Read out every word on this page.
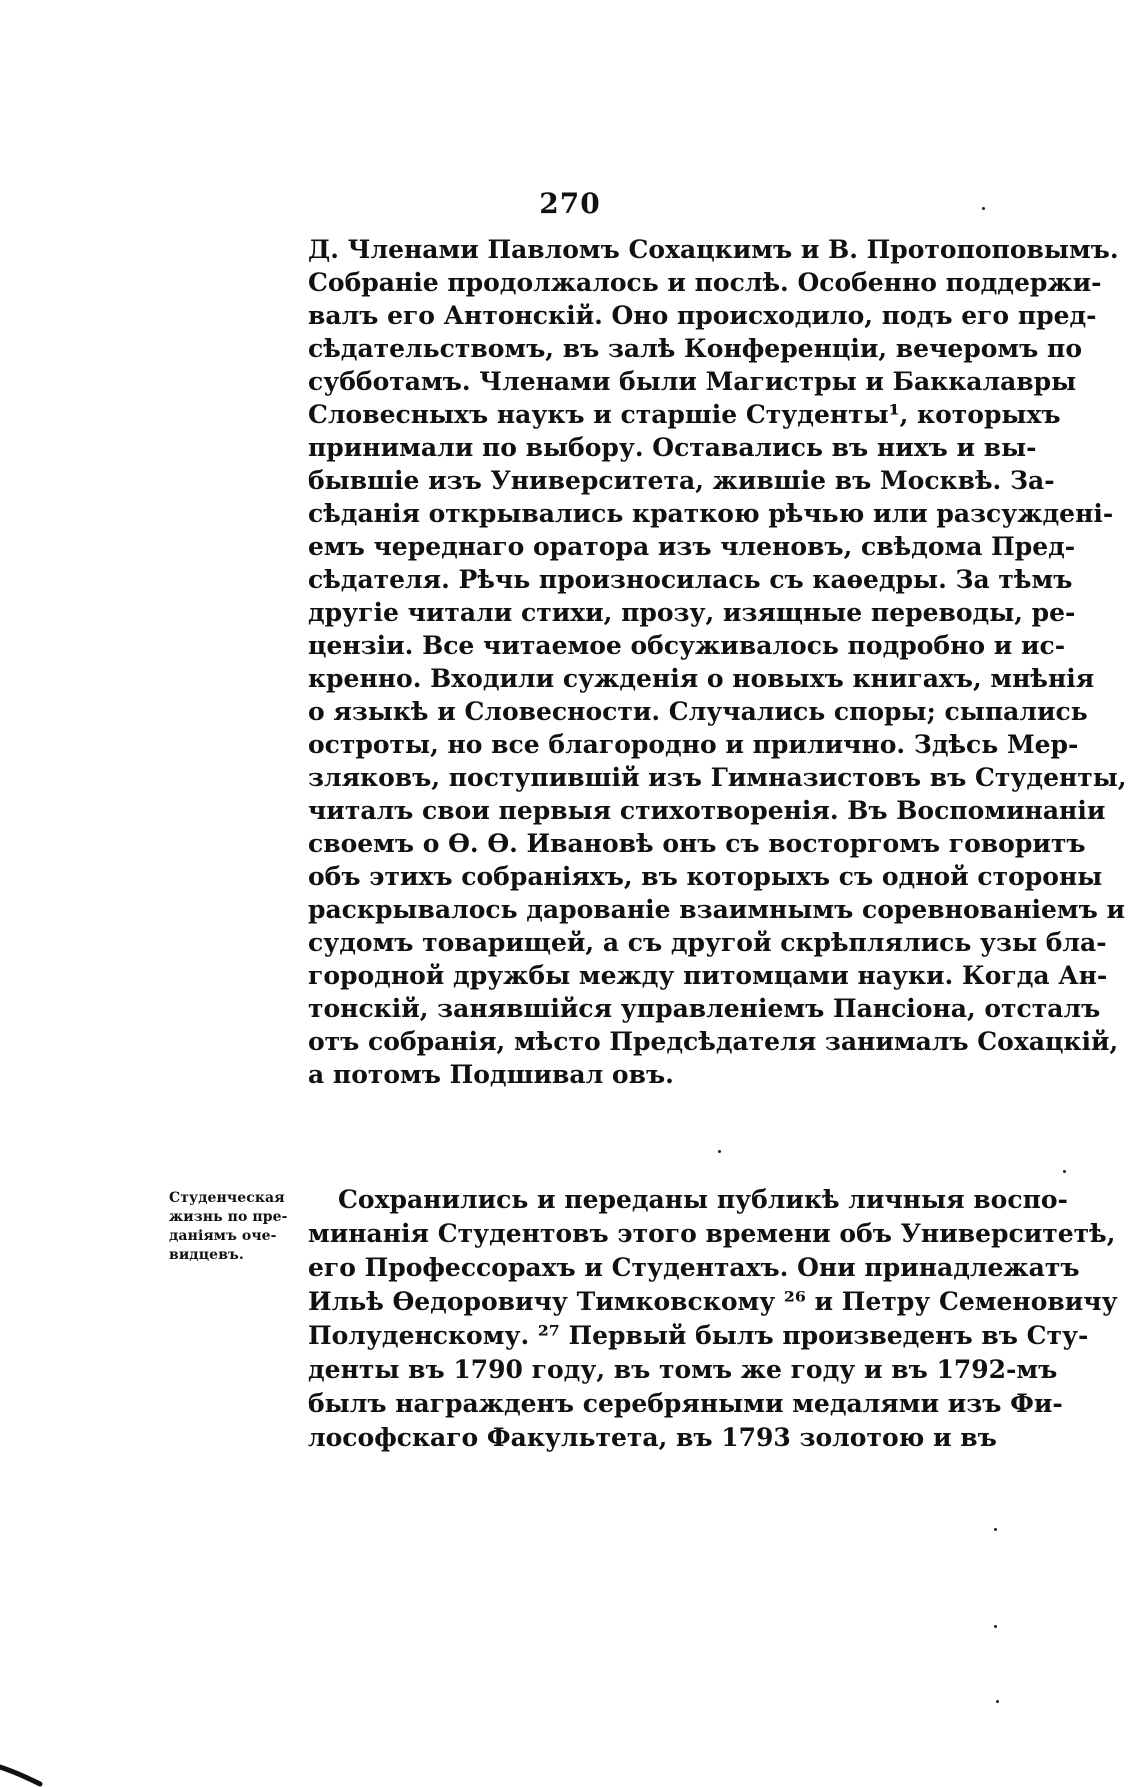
270
Д. Членами Павломъ Сохацкимъ и В. Протопоповымъ.
Собраніе продолжалось и послѣ. Особенно поддержи-
валъ его Антонскій. Оно происходило, подъ его пред-
сѣдательствомъ, въ залѣ Конференціи, вечеромъ по
субботамъ. Членами были Магистры и Баккалавры
Словесныхъ наукъ и старшіе Студенты¹, которыхъ
принимали по выбору. Оставались въ нихъ и вы-
бывшіе изъ Университета, жившіе въ Москвѣ. За-
сѣданія открывались краткою рѣчью или разсужденi-
емъ череднаго оратора изъ членовъ, свѣдома Пред-
сѣдателя. Рѣчь произносилась съ каѳедры. За тѣмъ
другіе читали стихи, прозу, изящные переводы, ре-
цензіи. Все читаемое обсуживалось подробно и ис-
кренно. Входили сужденія о новыхъ книгахъ, мнѣнія
о языкѣ и Словесности. Случались споры; сыпались
остроты, но все благородно и прилично. Здѣсь Мер-
зляковъ, поступившій изъ Гимназистовъ въ Студенты,
читалъ свои первыя стихотворенія. Въ Воспоминаніи
своемъ о Ѳ. Ѳ. Ивановѣ онъ съ восторгомъ говоритъ
объ этихъ собраніяхъ, въ которыхъ съ одной стороны
раскрывалось дарованіе взаимнымъ соревнованіемъ и
судомъ товарищей, а съ другой скрѣплялись узы бла-
городной дружбы между питомцами науки. Когда Ан-
тонскій, занявшійся управленіемъ Пансіона, отсталъ
отъ собранія, мѣсто Предсѣдателя занималъ Сохацкій,
а потомъ Подшивал овъ.
Студенческая
жизнь по пре-
даніямъ оче-
видцевъ.
Сохранились и переданы публикѣ личныя воспо-
минанія Студентовъ этого времени объ Университетѣ,
его Профессорахъ и Студентахъ. Они принадлежатъ
Ильѣ Ѳедоровичу Тимковскому ²⁶ и Петру Семеновичу
Полуденскому. ²⁷ Первый былъ произведенъ въ Сту-
денты въ 1790 году, въ томъ же году и въ 1792-мъ
былъ награжденъ серебряными медалями изъ Фи-
лософскаго Факультета, въ 1793 золотою и въ
